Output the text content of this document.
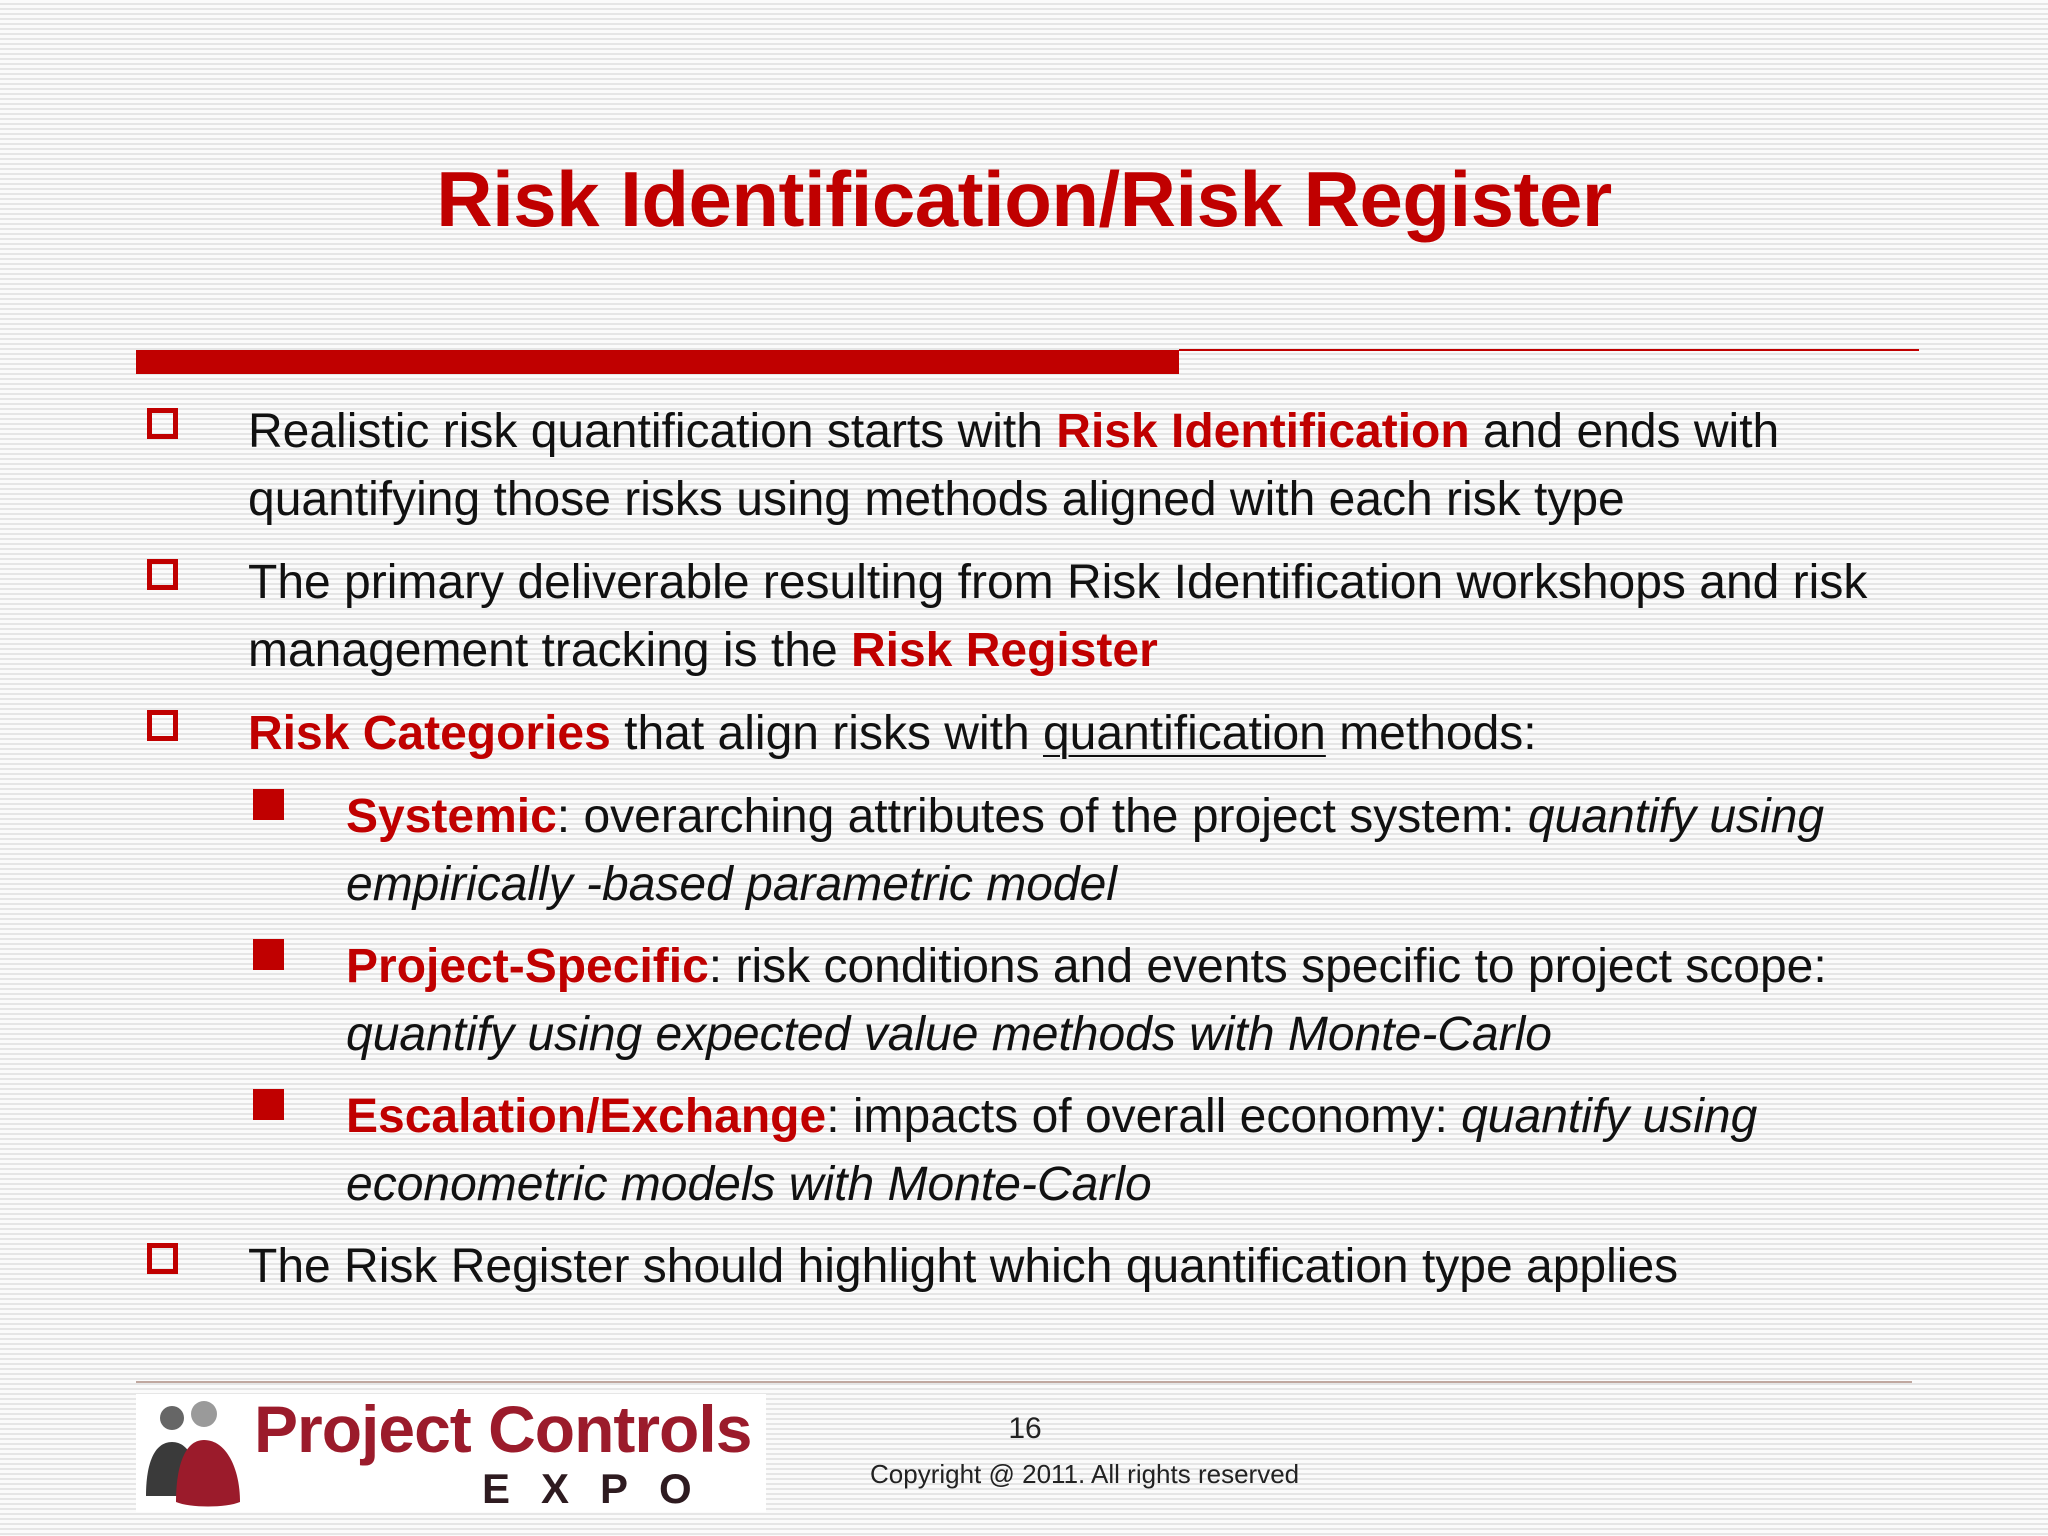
Risk Identification/Risk Register
Realistic risk quantification starts with Risk Identification and ends with quantifying those risks using methods aligned with each risk type
The primary deliverable resulting from Risk Identification workshops and risk management tracking is the Risk Register
Risk Categories that align risks with quantification methods:
Systemic: overarching attributes of the project system: quantify using empirically -based parametric model
Project-Specific: risk conditions and events specific to project scope: quantify using expected value methods with Monte-Carlo
Escalation/Exchange: impacts of overall economy: quantify using econometric models with Monte-Carlo
The Risk Register should highlight which quantification type applies
Project Controls
EXPO
16
Copyright @ 2011. All rights reserved
